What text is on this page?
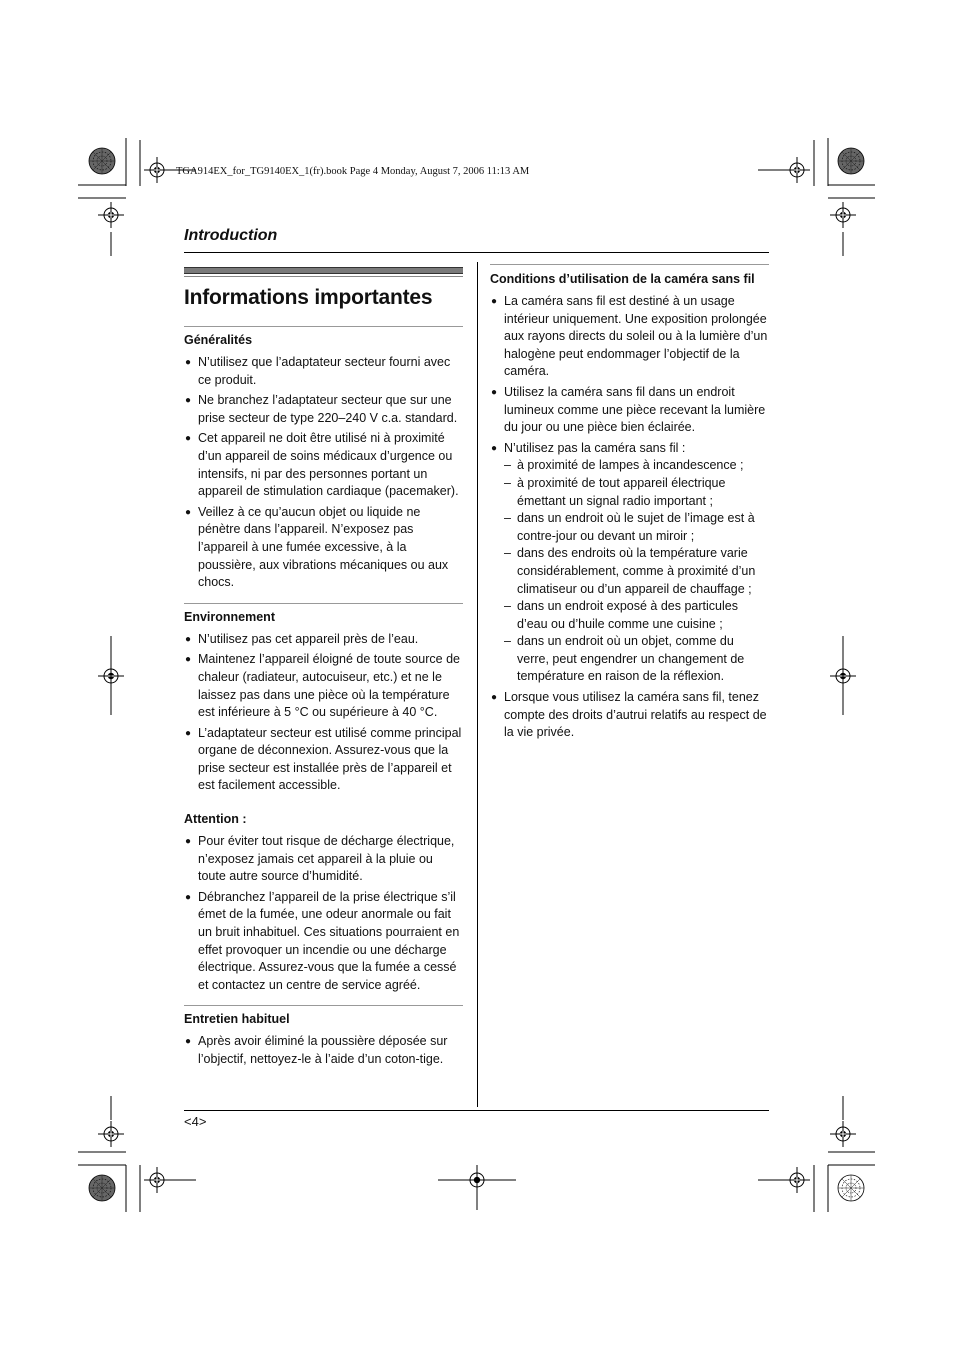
TGA914EX_for_TG9140EX_1(fr).book Page 4 Monday, August 7, 2006 11:13 AM
Introduction
<4>
Informations importantes
Généralités
● N’utilisez que l’adaptateur secteur fourni avec ce produit.
● Ne branchez l’adaptateur secteur que sur une prise secteur de type 220–240 V c.a. standard.
● Cet appareil ne doit être utilisé ni à proximité d’un appareil de soins médicaux d’urgence ou intensifs, ni par des personnes portant un appareil de stimulation cardiaque (pacemaker).
● Veillez à ce qu’aucun objet ou liquide ne pénètre dans l’appareil. N’exposez pas l’appareil à une fumée excessive, à la poussière, aux vibrations mécaniques ou aux chocs.
Environnement
● N’utilisez pas cet appareil près de l’eau.
● Maintenez l’appareil éloigné de toute source de chaleur (radiateur, autocuiseur, etc.) et ne le laissez pas dans une pièce où la température est inférieure à 5 °C ou supérieure à 40 °C.
● L’adaptateur secteur est utilisé comme principal organe de déconnexion. Assurez-vous que la prise secteur est installée près de l’appareil et est facilement accessible.
Attention :
● Pour éviter tout risque de décharge électrique, n’exposez jamais cet appareil à la pluie ou toute autre source d’humidité.
● Débranchez l’appareil de la prise électrique s’il émet de la fumée, une odeur anormale ou fait un bruit inhabituel. Ces situations pourraient en effet provoquer un incendie ou une décharge électrique. Assurez-vous que la fumée a cessé et contactez un centre de service agréé.
Entretien habituel
● Après avoir éliminé la poussière déposée sur l’objectif, nettoyez-le à l’aide d’un coton-tige.
Conditions d’utilisation de la caméra sans fil
● La caméra sans fil est destiné à un usage intérieur uniquement. Une exposition prolongée aux rayons directs du soleil ou à la lumière d’un halogène peut endommager l’objectif de la caméra.
● Utilisez la caméra sans fil dans un endroit lumineux comme une pièce recevant la lumière du jour ou une pièce bien éclairée.
● N’utilisez pas la caméra sans fil :
– à proximité de lampes à incandescence ;
– à proximité de tout appareil électrique émettant un signal radio important ;
– dans un endroit où le sujet de l’image est à contre-jour ou devant un miroir ;
– dans des endroits où la température varie considérablement, comme à proximité d’un climatiseur ou d’un appareil de chauffage ;
– dans un endroit exposé à des particules d’eau ou d’huile comme une cuisine ;
– dans un endroit où un objet, comme du verre, peut engendrer un changement de température en raison de la réflexion.
● Lorsque vous utilisez la caméra sans fil, tenez compte des droits d’autrui relatifs au respect de la vie privée.
